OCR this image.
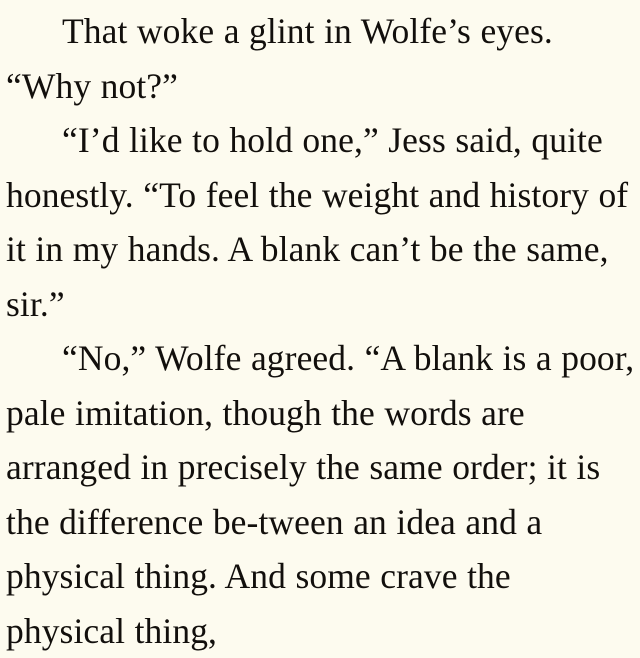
That woke a glint in Wolfe’s eyes. “Why not?”

“I’d like to hold one,” Jess said, quite honestly. “To feel the weight and history of it in my hands. A blank can’t be the same, sir.”

“No,” Wolfe agreed. “A blank is a poor, pale imitation, though the words are arranged in precisely the same order; it is the difference be-tween an idea and a physical thing. And some crave the physical thing,
